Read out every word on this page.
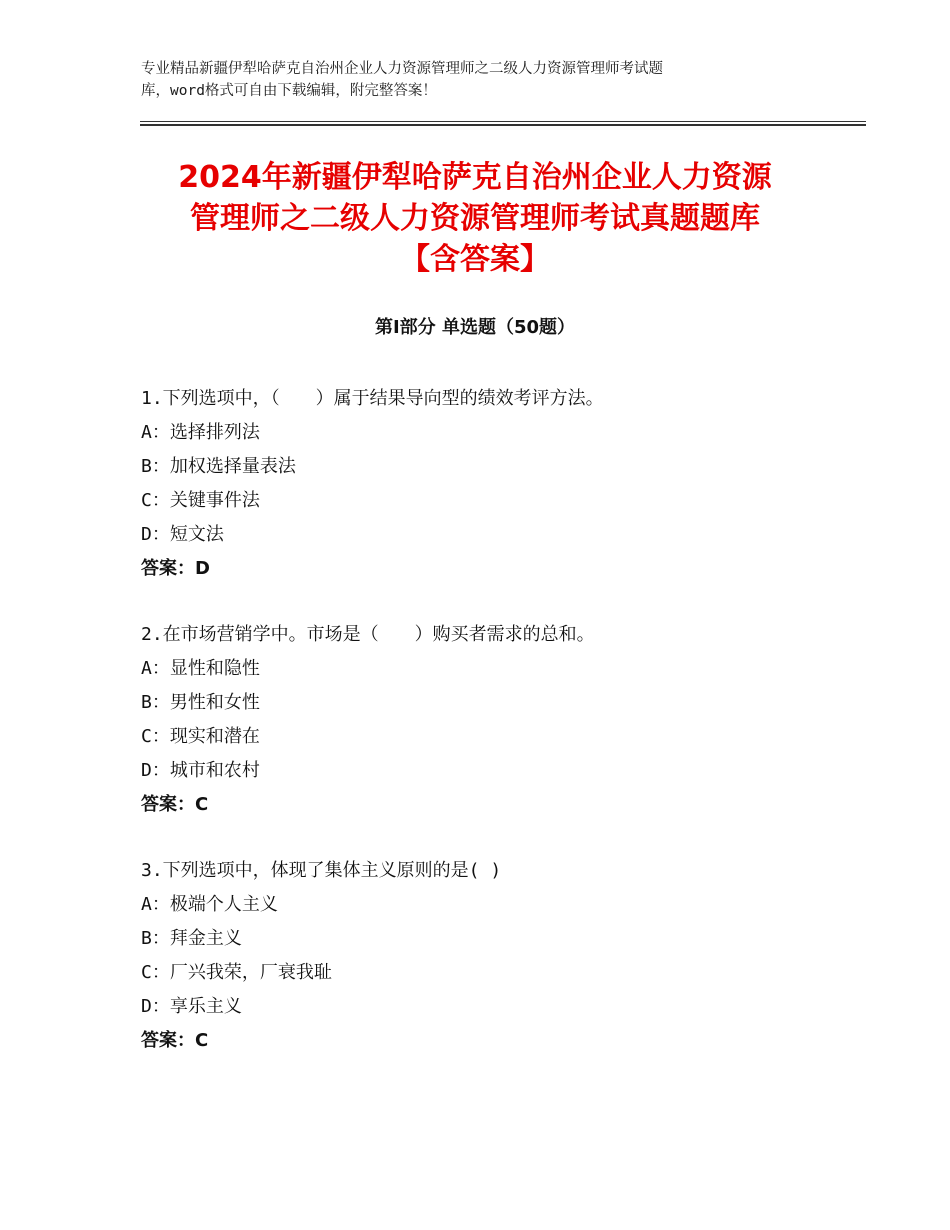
专业精品新疆伊犁哈萨克自治州企业人力资源管理师之二级人力资源管理师考试题
库，word格式可自由下载编辑，附完整答案！
2024年新疆伊犁哈萨克自治州企业人力资源
管理师之二级人力资源管理师考试真题题库
【含答案】
第Ⅰ部分 单选题（50题）
1.下列选项中，（　　）属于结果导向型的绩效考评方法。
A：选择排列法
B：加权选择量表法
C：关键事件法
D：短文法
答案：D
2.在市场营销学中。市场是（　　）购买者需求的总和。
A：显性和隐性
B：男性和女性
C：现实和潜在
D：城市和农村
答案：C
3.下列选项中，体现了集体主义原则的是( )
A：极端个人主义
B：拜金主义
C：厂兴我荣，厂衰我耻
D：享乐主义
答案：C
